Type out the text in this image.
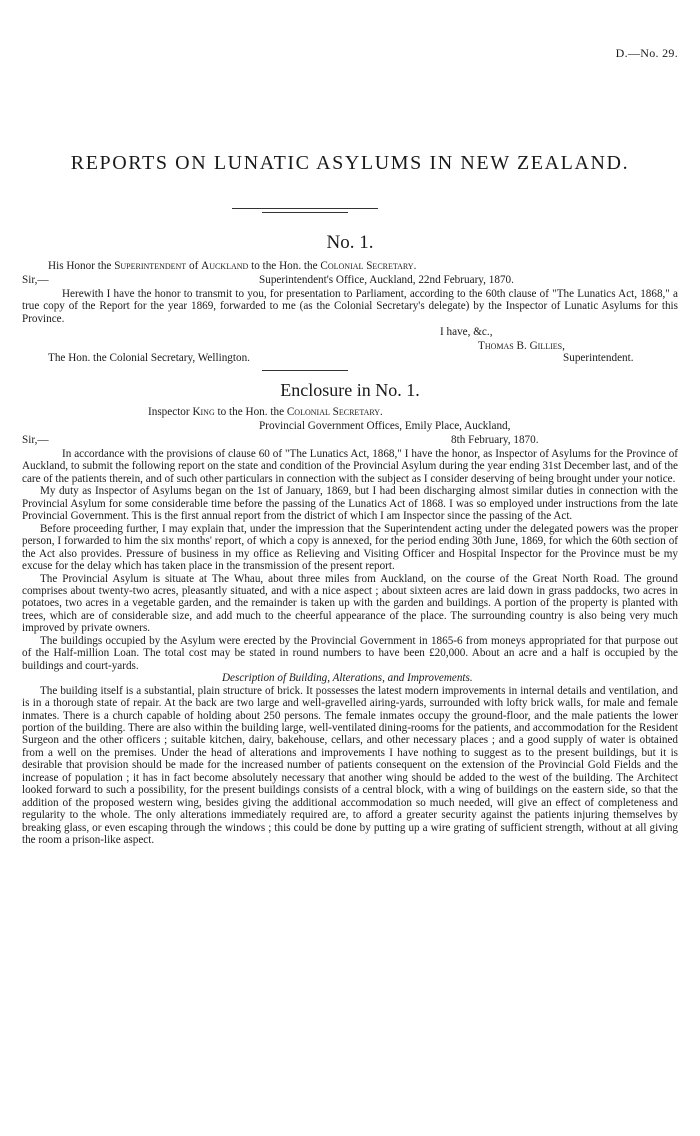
D.—No. 29.
REPORTS ON LUNATIC ASYLUMS IN NEW ZEALAND.
No. 1.
His Honor the Superintendent of Auckland to the Hon. the Colonial Secretary.
Sir,—	Superintendent's Office, Auckland, 22nd February, 1870.

Herewith I have the honor to transmit to you, for presentation to Parliament, according to the 60th clause of "The Lunatics Act, 1868," a true copy of the Report for the year 1869, forwarded to me (as the Colonial Secretary's delegate) by the Inspector of Lunatic Asylums for this Province.

I have, &c.,
Thomas B. Gillies,
The Hon. the Colonial Secretary, Wellington.	Superintendent.
Enclosure in No. 1.
Inspector King to the Hon. the Colonial Secretary.
Provincial Government Offices, Emily Place, Auckland,
Sir,—	8th February, 1870.

In accordance with the provisions of clause 60 of "The Lunatics Act, 1868," I have the honor, as Inspector of Asylums for the Province of Auckland, to submit the following report on the state and condition of the Provincial Asylum during the year ending 31st December last, and of the care of the patients therein, and of such other particulars in connection with the subject as I consider deserving of being brought under your notice.

My duty as Inspector of Asylums began on the 1st of January, 1869, but I had been discharging almost similar duties in connection with the Provincial Asylum for some considerable time before the passing of the Lunatics Act of 1868. I was so employed under instructions from the late Provincial Government. This is the first annual report from the district of which I am Inspector since the passing of the Act.

Before proceeding further, I may explain that, under the impression that the Superintendent acting under the delegated powers was the proper person, I forwarded to him the six months' report, of which a copy is annexed, for the period ending 30th June, 1869, for which the 60th section of the Act also provides. Pressure of business in my office as Relieving and Visiting Officer and Hospital Inspector for the Province must be my excuse for the delay which has taken place in the transmission of the present report.

The Provincial Asylum is situate at The Whau, about three miles from Auckland, on the course of the Great North Road. The ground comprises about twenty-two acres, pleasantly situated, and with a nice aspect ; about sixteen acres are laid down in grass paddocks, two acres in potatoes, two acres in a vegetable garden, and the remainder is taken up with the garden and buildings. A portion of the property is planted with trees, which are of considerable size, and add much to the cheerful appearance of the place. The surrounding country is also being very much improved by private owners.

The buildings occupied by the Asylum were erected by the Provincial Government in 1865-6 from moneys appropriated for that purpose out of the Half-million Loan. The total cost may be stated in round numbers to have been £20,000. About an acre and a half is occupied by the buildings and court-yards.

Description of Building, Alterations, and Improvements.

The building itself is a substantial, plain structure of brick. It possesses the latest modern improvements in internal details and ventilation, and is in a thorough state of repair. At the back are two large and well-gravelled airing-yards, surrounded with lofty brick walls, for male and female inmates. There is a church capable of holding about 250 persons. The female inmates occupy the ground-floor, and the male patients the lower portion of the building. There are also within the building large, well-ventilated dining-rooms for the patients, and accommodation for the Resident Surgeon and the other officers ; suitable kitchen, dairy, bakehouse, cellars, and other necessary places ; and a good supply of water is obtained from a well on the premises. Under the head of alterations and improvements I have nothing to suggest as to the present buildings, but it is desirable that provision should be made for the increased number of patients consequent on the extension of the Provincial Gold Fields and the increase of population ; it has in fact become absolutely necessary that another wing should be added to the west of the building. The Architect looked forward to such a possibility, for the present buildings consists of a central block, with a wing of buildings on the eastern side, so that the addition of the proposed western wing, besides giving the additional accommodation so much needed, will give an effect of completeness and regularity to the whole. The only alterations immediately required are, to afford a greater security against the patients injuring themselves by breaking glass, or even escaping through the windows ; this could be done by putting up a wire grating of sufficient strength, without at all giving the room a prison-like aspect.
